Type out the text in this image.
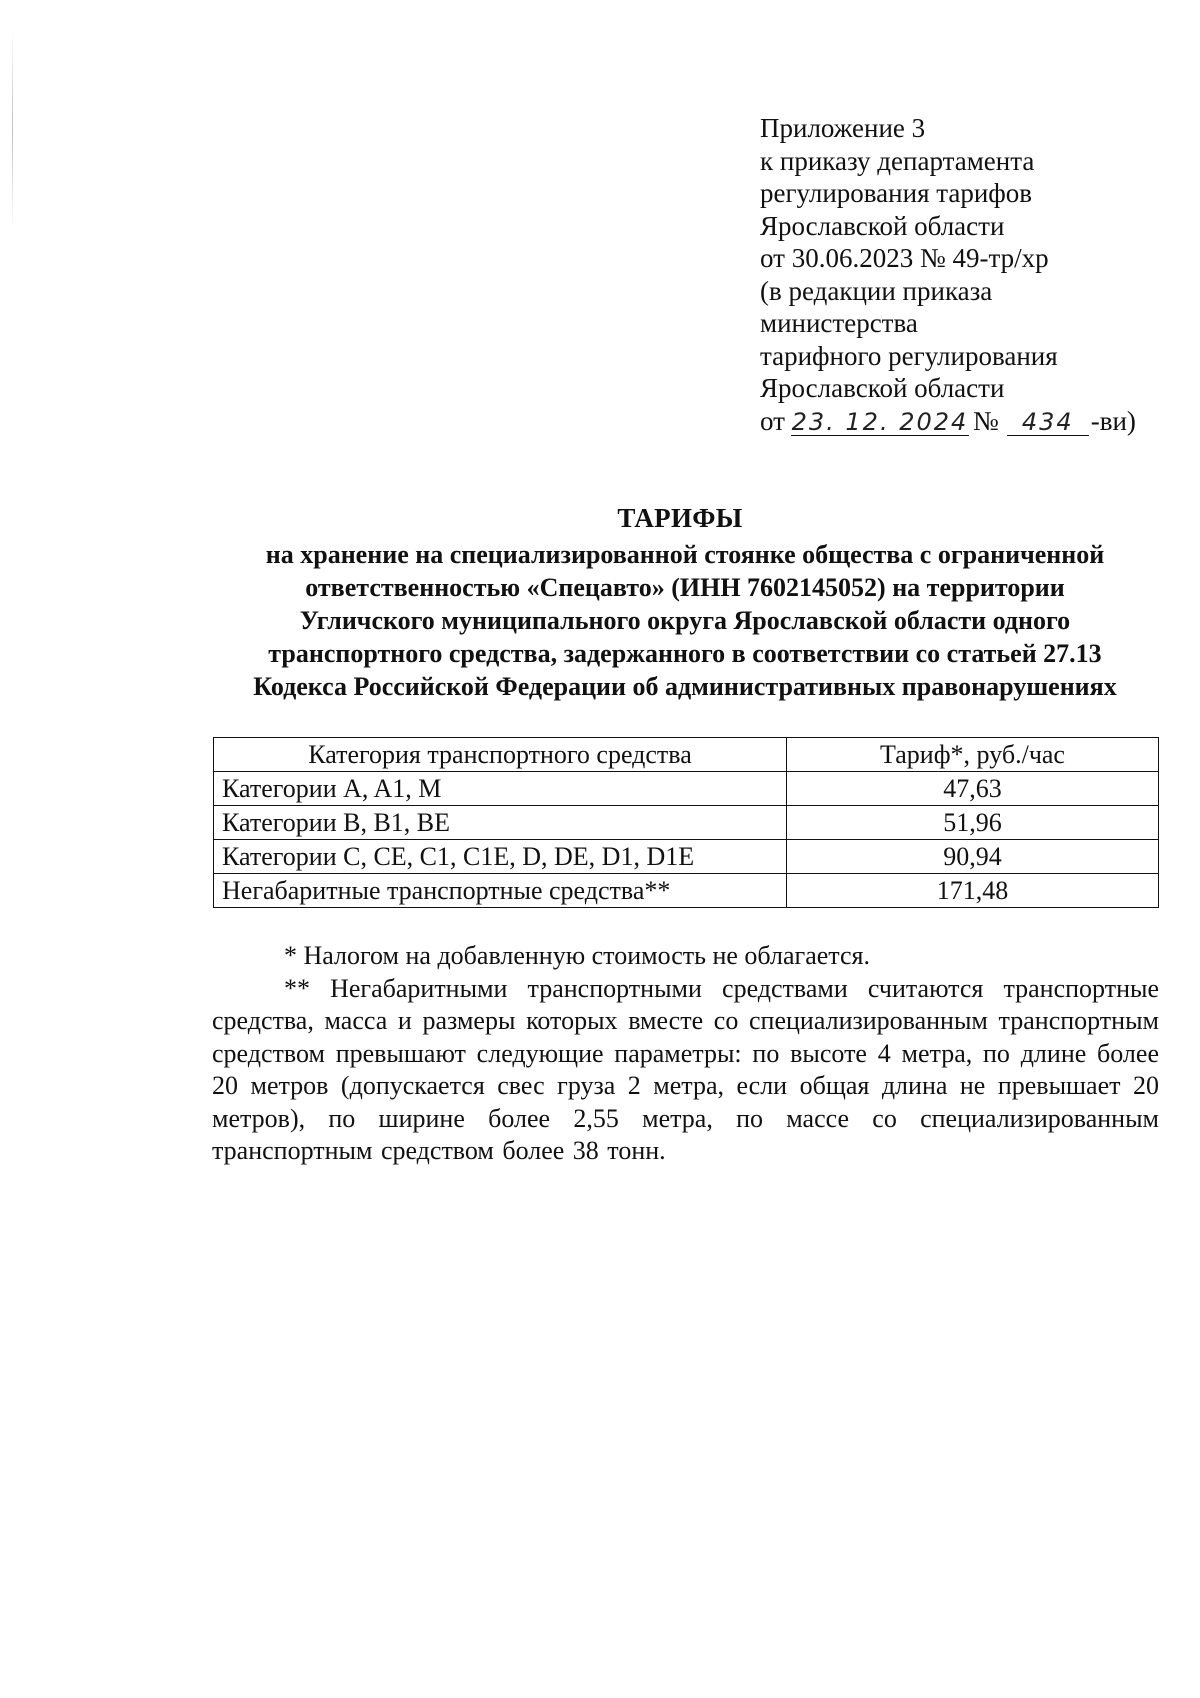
Приложение 3
к приказу департамента
регулирования тарифов
Ярославской области
от 30.06.2023 № 49-тр/хр
(в редакции приказа
министерства
тарифного регулирования
Ярославской области
от 23. 12. 2024 № 434 -ви)
ТАРИФЫ
на хранение на специализированной стоянке общества с ограниченной
ответственностью «Спецавто» (ИНН 7602145052) на территории
Угличского муниципального округа Ярославской области одного
транспортного средства, задержанного в соответствии со статьей 27.13
Кодекса Российской Федерации об административных правонарушениях
Категория транспортного средства	Тариф*, руб./час
Категории A, A1, M	47,63
Категории B, B1, BE	51,96
Категории C, CE, C1, C1E, D, DE, D1, D1E	90,94
Негабаритные транспортные средства**	171,48

* Налогом на добавленную стоимость не облагается.

** Негабаритными транспортными средствами считаются транспортные средства, масса и размеры которых вместе со специализированным транспортным средством превышают следующие параметры: по высоте 4 метра, по длине более 20 метров (допускается свес груза 2 метра, если общая длина не превышает 20 метров), по ширине более 2,55 метра, по массе со специализированным транспортным средством более 38 тонн.
